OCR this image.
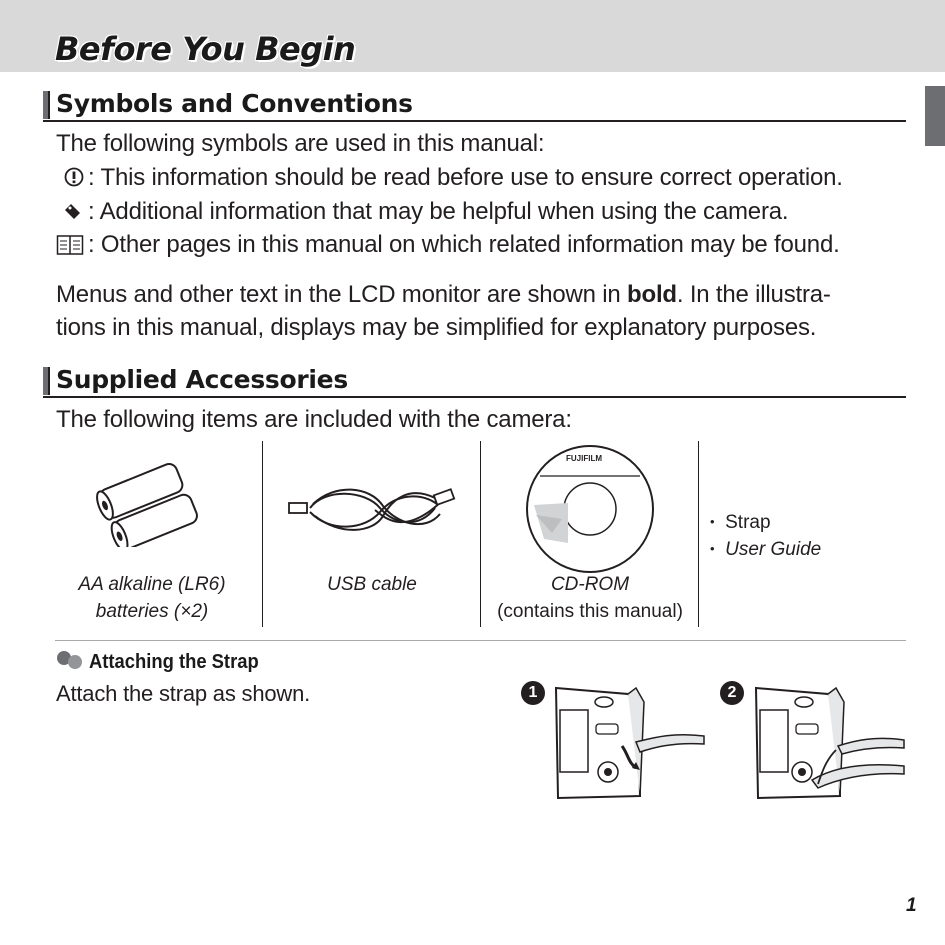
Before You Begin
Symbols and Conventions
The following symbols are used in this manual:
: This information should be read before use to ensure correct operation.
: Additional information that may be helpful when using the camera.
: Other pages in this manual on which related information may be found.
Menus and other text in the LCD monitor are shown in bold. In the illustra-
tions in this manual, displays may be simplified for explanatory purposes.
Supplied Accessories
The following items are included with the camera:
AA alkaline (LR6)
batteries (×2)
USB cable
FUJIFILM
CD-ROM
(contains this manual)
• Strap
• User Guide
Attaching the Strap
Attach the strap as shown.	1	2
1
